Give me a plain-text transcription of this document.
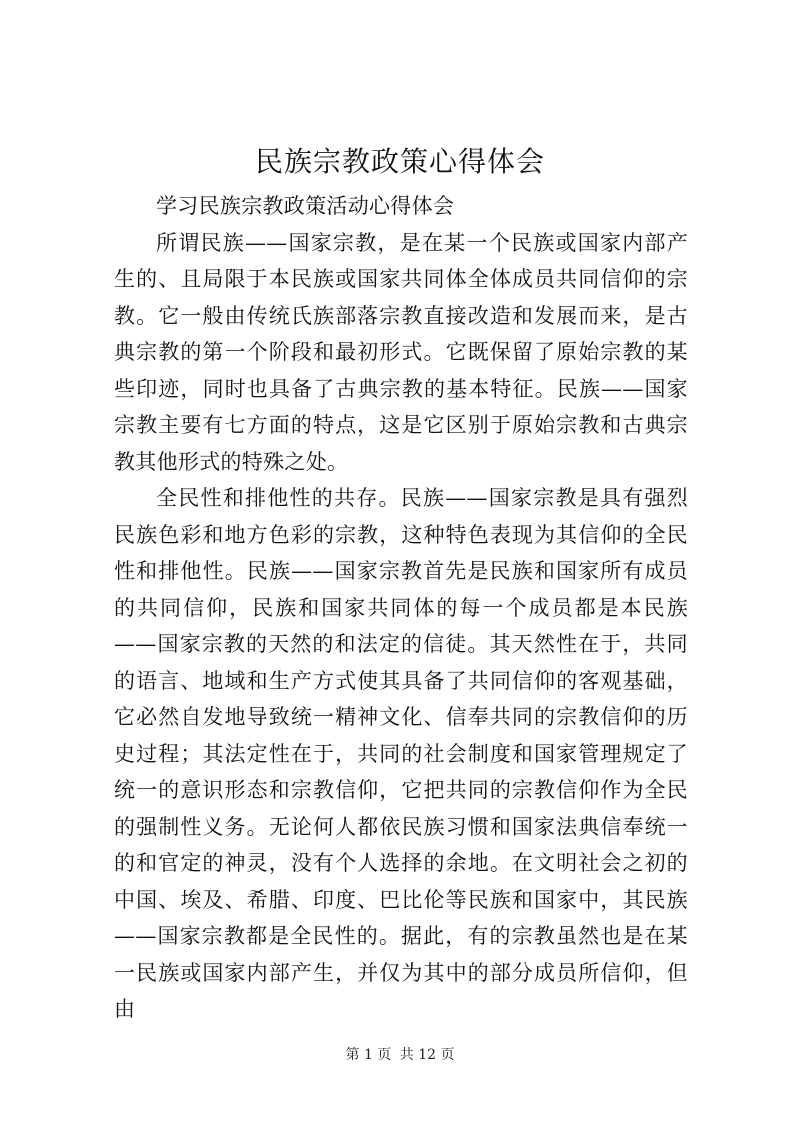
民族宗教政策心得体会

学习民族宗教政策活动心得体会

所谓民族——国家宗教，是在某一个民族或国家内部产生的、且局限于本民族或国家共同体全体成员共同信仰的宗教。它一般由传统氏族部落宗教直接改造和发展而来，是古典宗教的第一个阶段和最初形式。它既保留了原始宗教的某些印迹，同时也具备了古典宗教的基本特征。民族——国家宗教主要有七方面的特点，这是它区别于原始宗教和古典宗教其他形式的特殊之处。

全民性和排他性的共存。民族——国家宗教是具有强烈民族色彩和地方色彩的宗教，这种特色表现为其信仰的全民性和排他性。民族——国家宗教首先是民族和国家所有成员的共同信仰，民族和国家共同体的每一个成员都是本民族——国家宗教的天然的和法定的信徒。其天然性在于，共同的语言、地域和生产方式使其具备了共同信仰的客观基础，它必然自发地导致统一精神文化、信奉共同的宗教信仰的历史过程；其法定性在于，共同的社会制度和国家管理规定了统一的意识形态和宗教信仰，它把共同的宗教信仰作为全民的强制性义务。无论何人都依民族习惯和国家法典信奉统一的和官定的神灵，没有个人选择的余地。在文明社会之初的中国、埃及、希腊、印度、巴比伦等民族和国家中，其民族——国家宗教都是全民性的。据此，有的宗教虽然也是在某一民族或国家内部产生，并仅为其中的部分成员所信仰，但由

第 1 页 共 12 页
